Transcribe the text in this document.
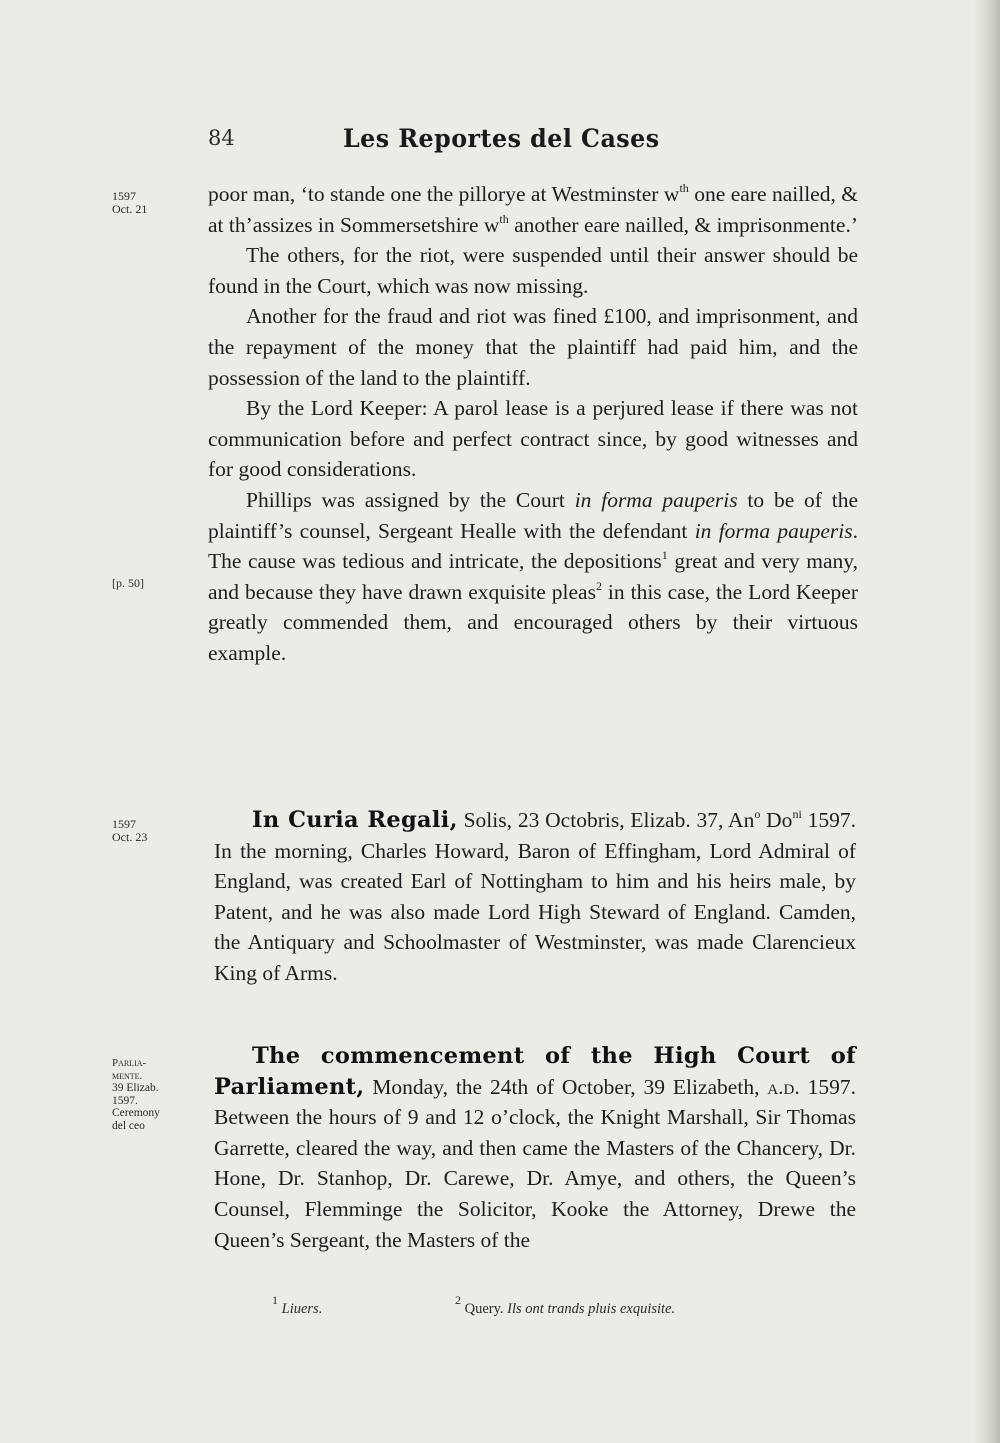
84	Les Reportes del Cases
1597
Oct. 21
[p. 50]
1597
Oct. 23
Parlia-
mente.
39 Elizab.
1597.
Ceremony
del ceo

poor man, ‘to stande one the pillorye at Westminster $w^{th}$ one eare nailled, & at th’assizes in Sommersetshire $w^{th}$ another eare nailled, & imprisonmente.’

The others, for the riot, were suspended until their answer should be found in the Court, which was now missing.

Another for the fraud and riot was fined £100, and imprisonment, and the repayment of the money that the plaintiff had paid him, and the possession of the land to the plaintiff.

By the Lord Keeper: A parol lease is a perjured lease if there was not communication before and perfect contract since, by good witnesses and for good considerations.

Phillips was assigned by the Court in forma pauperis to be of the plaintiff’s counsel, Sergeant Healle with the defendant in forma pauperis. The cause was tedious and intricate, the depositions$^1$ great and very many, and because they have drawn exquisite pleas$^2$ in this case, the Lord Keeper greatly commended them, and encouraged others by their virtuous example.

In Curia Regali, Solis, 23 Octobris, Elizab. 37, An$^o$ $Do^{ni}$ 1597. In the morning, Charles Howard, Baron of Effingham, Lord Admiral of England, was created Earl of Nottingham to him and his heirs male, by Patent, and he was also made Lord High Steward of England. Camden, the Antiquary and Schoolmaster of Westminster, was made Clarencieux King of Arms.

The commencement of the High Court of Parliament, Monday, the 24th of October, 39 Elizabeth, a.d. 1597. Between the hours of 9 and 12 o’clock, the Knight Marshall, Sir Thomas Garrette, cleared the way, and then came the Masters of the Chancery, Dr. Hone, Dr. Stanhop, Dr. Carewe, Dr. Amye, and others, the Queen’s Counsel, Flemminge the Solicitor, Kooke the Attorney, Drewe the Queen’s Sergeant, the Masters of the

$^1$ Liuers.
$^2$ Query. Ils ont trands pluis exquisite.
